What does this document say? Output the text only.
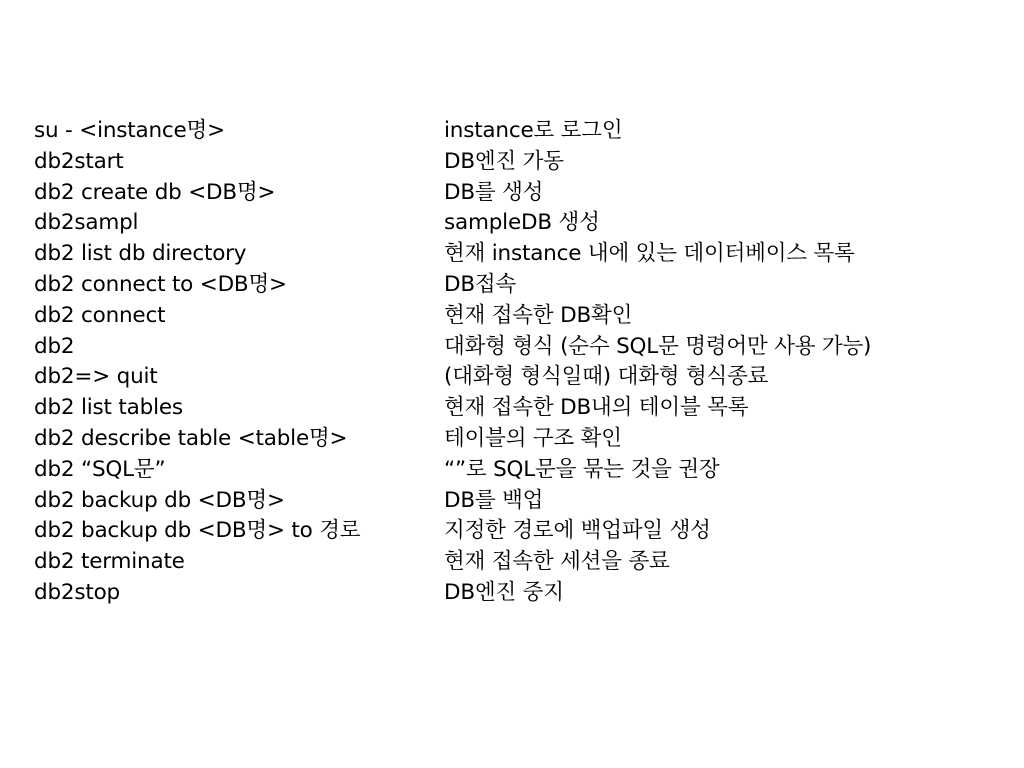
su - <instance명>	instance로 로그인
db2start	DB엔진 가동
db2 create db <DB명>	DB를 생성
db2sampl	sampleDB 생성
db2 list db directory	현재 instance 내에 있는 데이터베이스 목록
db2 connect to <DB명>	DB접속
db2 connect	현재 접속한 DB확인
db2	대화형 형식 (순수 SQL문 명령어만 사용 가능)
db2=> quit	(대화형 형식일때) 대화형 형식종료
db2 list tables	현재 접속한 DB내의 테이블 목록
db2 describe table <table명>	테이블의 구조 확인
db2 “SQL문”	“”로 SQL문을 묶는 것을 권장
db2 backup db <DB명>	DB를 백업
db2 backup db <DB명> to 경로	지정한 경로에 백업파일 생성
db2 terminate	현재 접속한 세션을 종료
db2stop	DB엔진 중지
